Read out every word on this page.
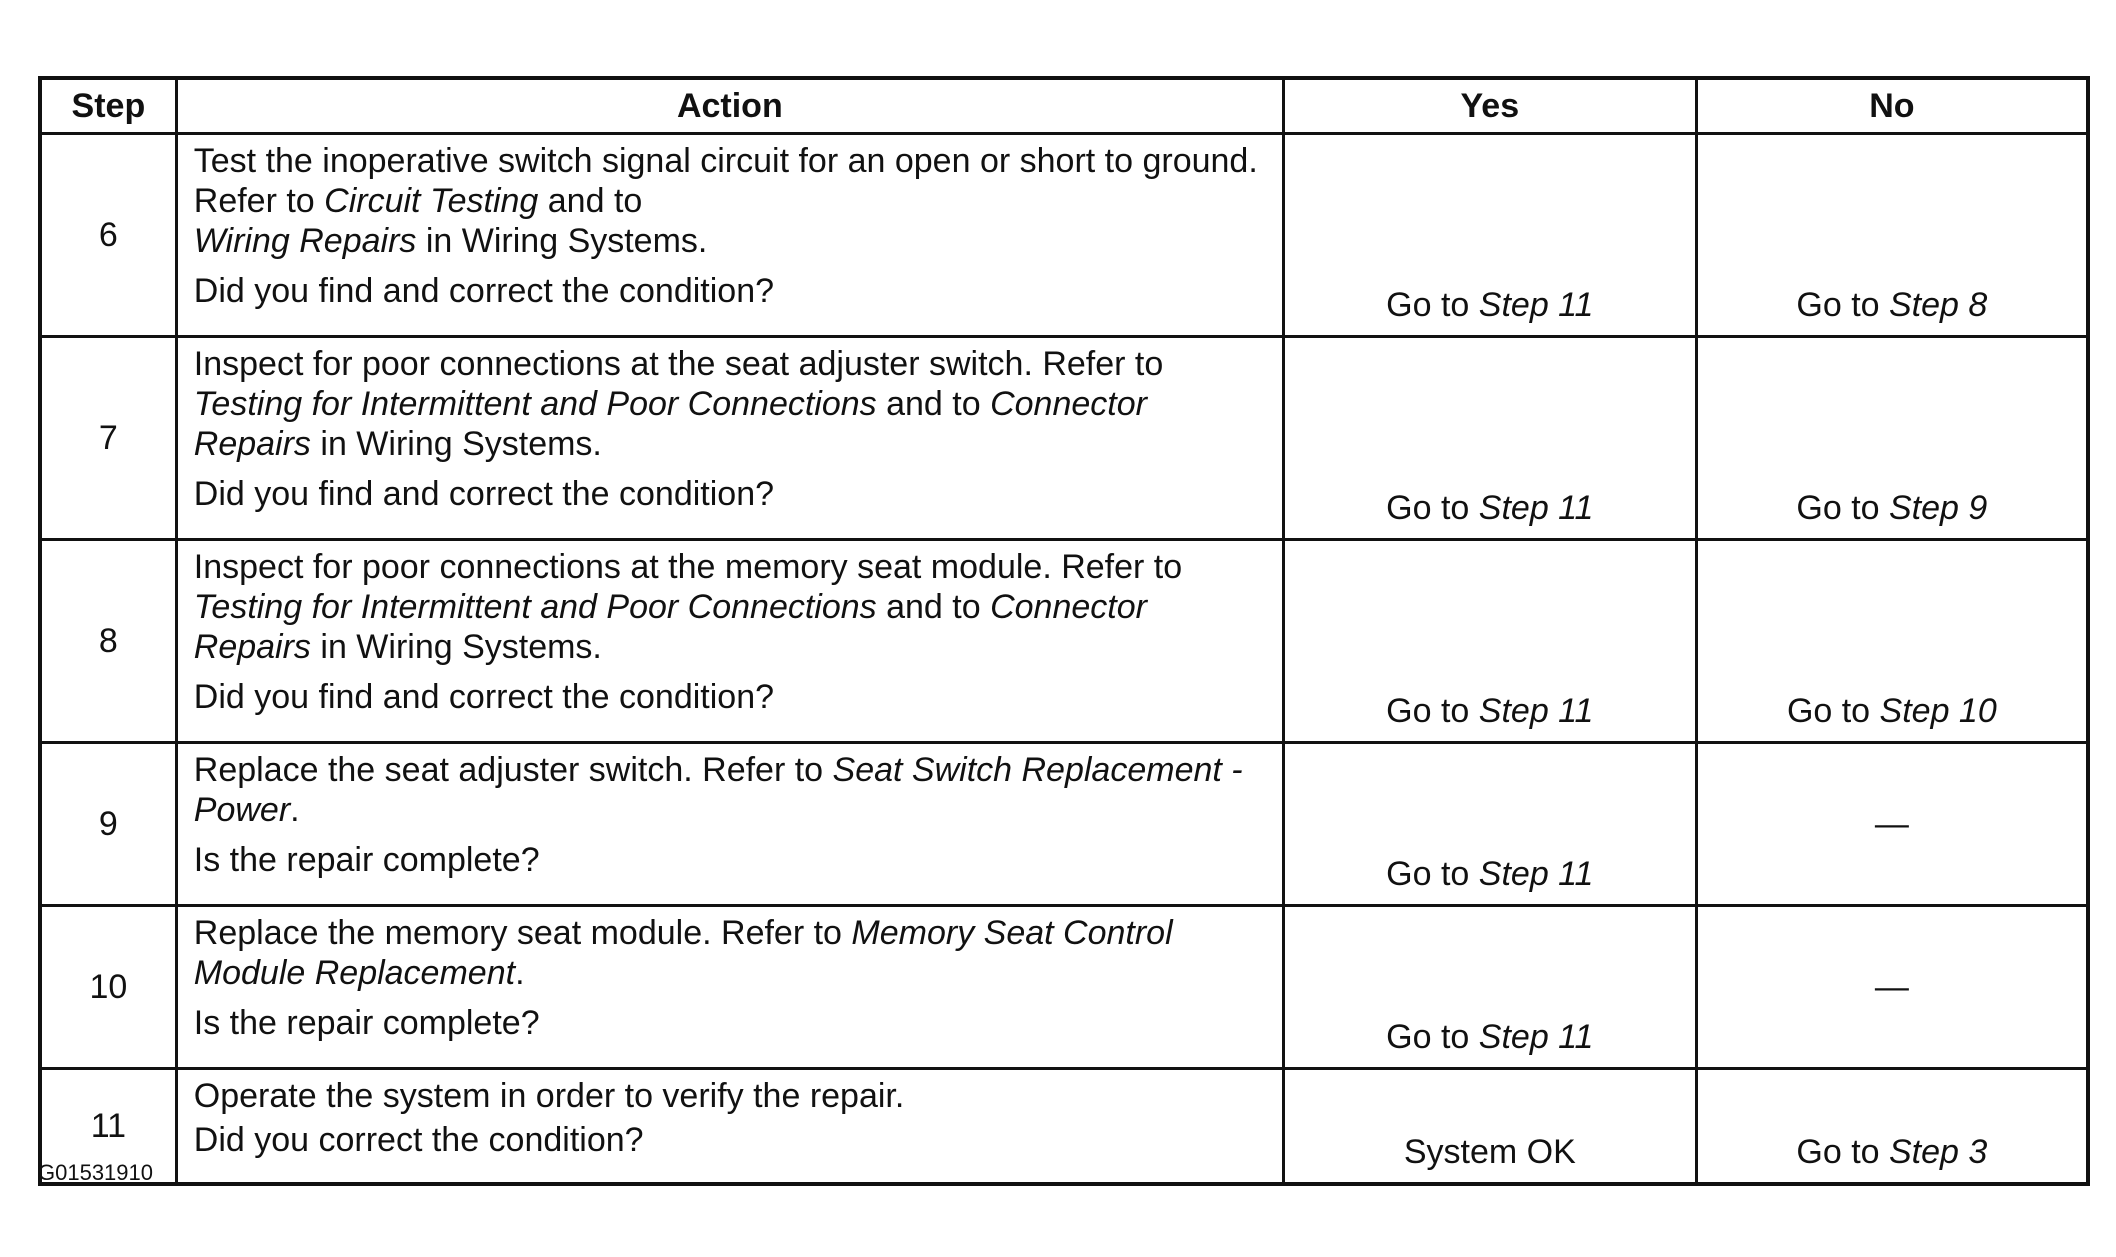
Step	Action	Yes	No
6	Test the inoperative switch signal circuit for an open or short to ground. Refer to Circuit Testing and to
Wiring Repairs in Wiring Systems.

Did you find and correct the condition?	Go to Step 11	Go to Step 8
7	Inspect for poor connections at the seat adjuster switch. Refer to
Testing for Intermittent and Poor Connections and to Connector Repairs in Wiring Systems.

Did you find and correct the condition?	Go to Step 11	Go to Step 9
8	Inspect for poor connections at the memory seat module. Refer to
Testing for Intermittent and Poor Connections and to Connector Repairs in Wiring Systems.

Did you find and correct the condition?	Go to Step 11	Go to Step 10
9	Replace the seat adjuster switch. Refer to Seat Switch Replacement - Power.

Is the repair complete?	Go to Step 11	—
10	Replace the memory seat module. Refer to Memory Seat Control Module Replacement.

Is the repair complete?	Go to Step 11	—
11	Operate the system in order to verify the repair.

Did you correct the condition?	System OK	Go to Step 3
G01531910
